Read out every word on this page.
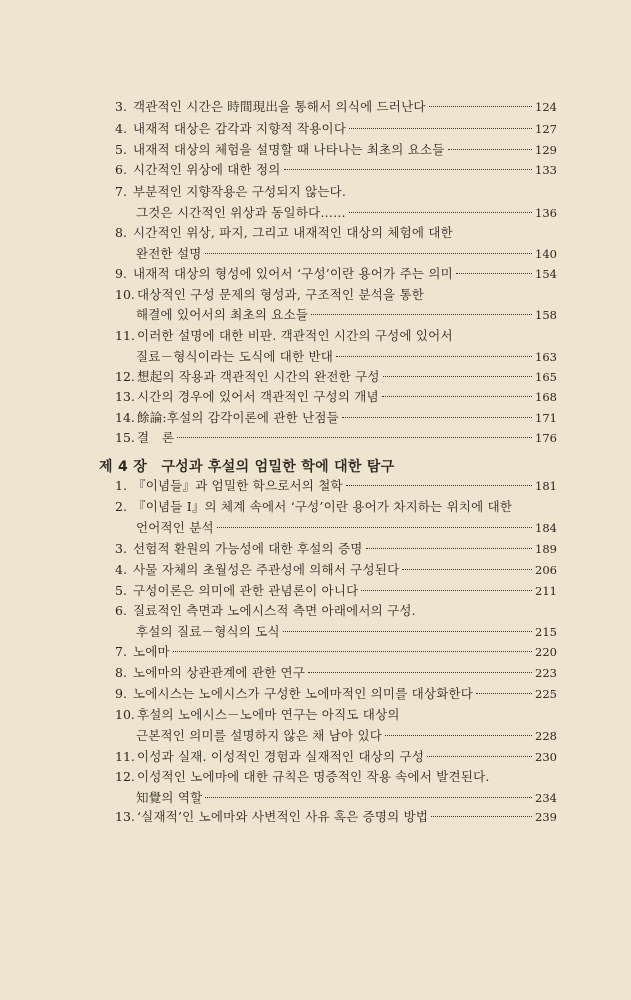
3. 객관적인 시간은 時間現出을 통해서 의식에 드러난다	124
4. 내재적 대상은 감각과 지향적 작용이다	127
5. 내재적 대상의 체험을 설명할 때 나타나는 최초의 요소들	129
6. 시간적인 위상에 대한 정의	133
7. 부분적인 지향작용은 구성되지 않는다.
그것은 시간적인 위상과 동일하다……	136
8. 시간적인 위상, 파지, 그리고 내재적인 대상의 체험에 대한
완전한 설명	140
9. 내재적 대상의 형성에 있어서 ‘구성’이란 용어가 주는 의미	154
10. 대상적인 구성 문제의 형성과, 구조적인 분석을 통한
해결에 있어서의 최초의 요소들	158
11. 이러한 설명에 대한 비판. 객관적인 시간의 구성에 있어서
질료－형식이라는 도식에 대한 반대	163
12. 想起의 작용과 객관적인 시간의 완전한 구성	165
13. 시간의 경우에 있어서 객관적인 구성의 개념	168
14. 餘論:후설의 감각이론에 관한 난점들	171
15. 결　론	176
제 4 장　구성과 후설의 엄밀한 학에 대한 탐구
1. 『이념들』과 엄밀한 학으로서의 철학	181
2. 『이념들 I』의 체계 속에서 ‘구성’이란 용어가 차지하는 위치에 대한
언어적인 분석	184
3. 선험적 환원의 가능성에 대한 후설의 증명	189
4. 사물 자체의 초월성은 주관성에 의해서 구성된다	206
5. 구성이론은 의미에 관한 관념론이 아니다	211
6. 질료적인 측면과 노에시스적 측면 아래에서의 구성.
후설의 질료－형식의 도식	215
7. 노에마	220
8. 노에마의 상관관계에 관한 연구	223
9. 노에시스는 노에시스가 구성한 노에마적인 의미를 대상화한다	225
10. 후설의 노에시스－노에마 연구는 아직도 대상의
근본적인 의미를 설명하지 않은 채 남아 있다	228
11. 이성과 실재. 이성적인 경험과 실재적인 대상의 구성	230
12. 이성적인 노에마에 대한 규칙은 명증적인 작용 속에서 발견된다.
知覺의 역할	234
13. ‘실재적’인 노에마와 사변적인 사유 혹은 증명의 방법	239
